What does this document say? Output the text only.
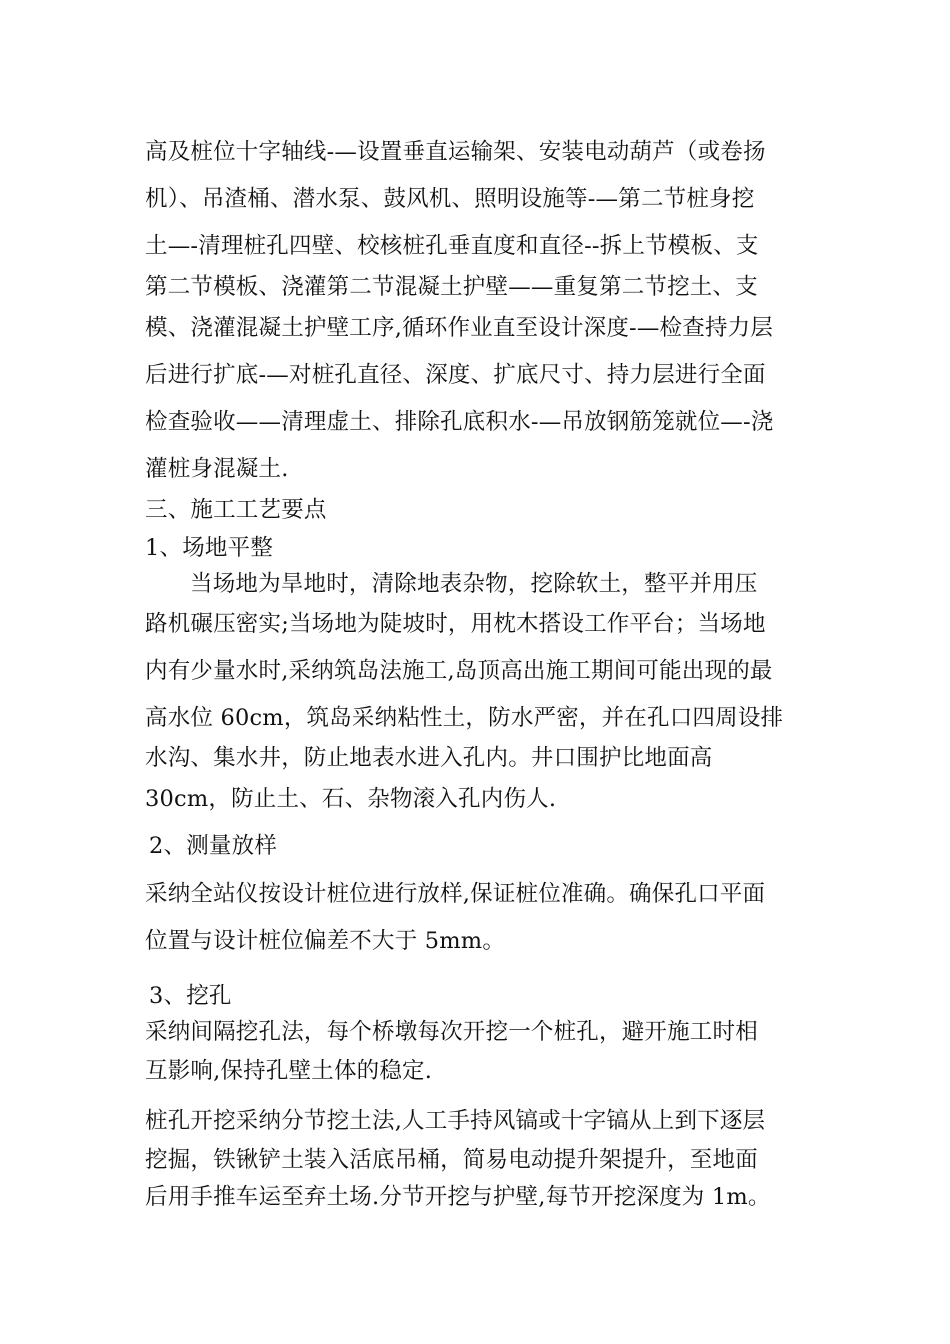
高及桩位十字轴线-—设置垂直运输架、安装电动葫芦（或卷扬
机）、吊渣桶、潜水泵、鼓风机、照明设施等-—第二节桩身挖
土—-清理桩孔四壁、校核桩孔垂直度和直径--拆上节模板、支
第二节模板、浇灌第二节混凝土护壁——重复第二节挖土、支
模、浇灌混凝土护壁工序,循环作业直至设计深度-—检查持力层
后进行扩底-—对桩孔直径、深度、扩底尺寸、持力层进行全面
检查验收——清理虚土、排除孔底积水-—吊放钢筋笼就位—-浇
灌桩身混凝土.
三、施工工艺要点
1、场地平整
当场地为旱地时，清除地表杂物，挖除软土，整平并用压
路机碾压密实;当场地为陡坡时，用枕木搭设工作平台；当场地
内有少量水时,采纳筑岛法施工,岛顶高出施工期间可能出现的最
高水位 60cm，筑岛采纳粘性土，防水严密，并在孔口四周设排
水沟、集水井，防止地表水进入孔内。井口围护比地面高
30cm，防止土、石、杂物滚入孔内伤人.
2、测量放样
采纳全站仪按设计桩位进行放样,保证桩位准确。确保孔口平面
位置与设计桩位偏差不大于 5mm。
3、挖孔
采纳间隔挖孔法，每个桥墩每次开挖一个桩孔，避开施工时相
互影响,保持孔壁土体的稳定.
桩孔开挖采纳分节挖土法,人工手持风镐或十字镐从上到下逐层
挖掘，铁锹铲土装入活底吊桶，简易电动提升架提升，至地面
后用手推车运至弃土场.分节开挖与护壁,每节开挖深度为 1m。
